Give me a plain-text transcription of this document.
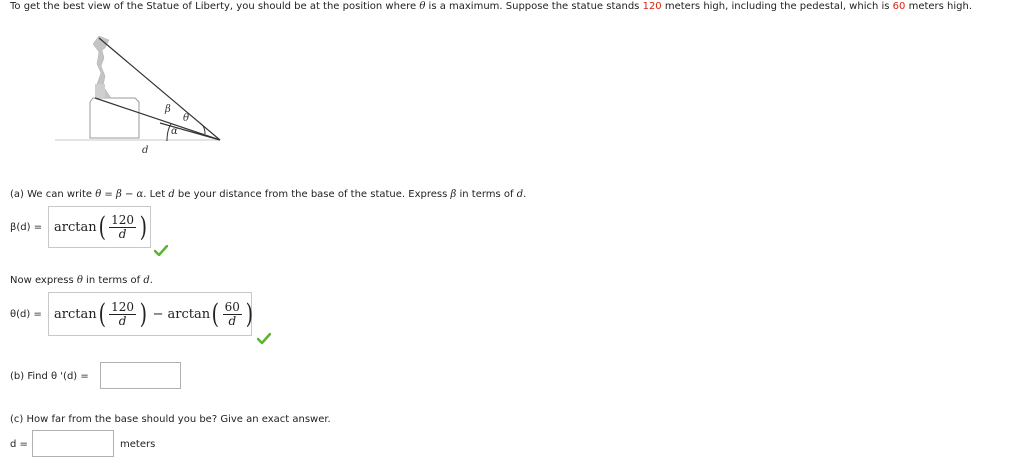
To get the best view of the Statue of Liberty, you should be at the position where θ is a maximum. Suppose the statue stands 120 meters high, including the pedestal, which is 60 meters high.
β
θ
α
d
(a) We can write θ = β − α. Let d be your distance from the base of the statue. Express β in terms of d.
β(d) = arctan ( $\frac{120}{d}$ )
Now express θ in terms of d.
θ(d) = arctan ( $\frac{120}{d}$ ) − arctan ( $\frac{60}{d}$ )
(b) Find θ '(d) =
(c) How far from the base should you be? Give an exact answer.
d =	meters
